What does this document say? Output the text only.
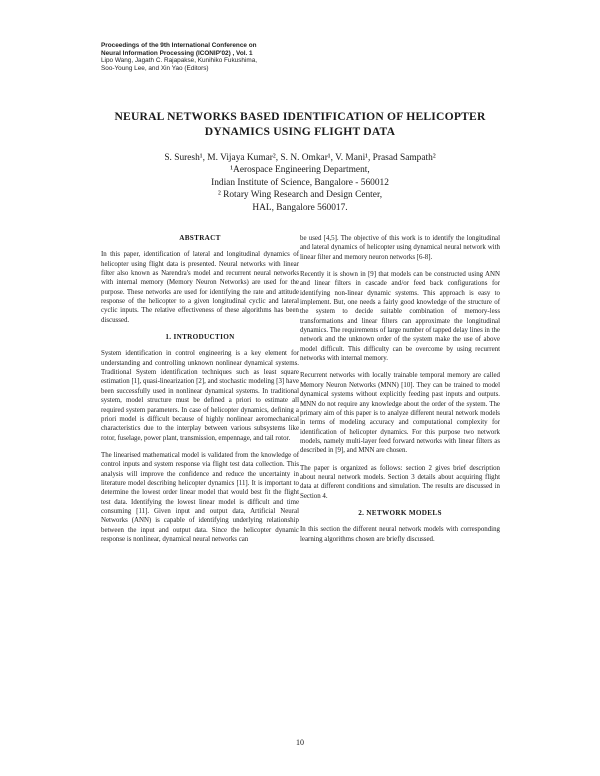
Proceedings of the 9th International Conference on
Neural Information Processing (ICONIP'02) , Vol. 1
Lipo Wang, Jagath C. Rajapakse, Kunihiko Fukushima,
Soo-Young Lee, and Xin Yao (Editors)
NEURAL NETWORKS BASED IDENTIFICATION OF HELICOPTER
DYNAMICS USING FLIGHT DATA
S. Suresh¹, M. Vijaya Kumar², S. N. Omkar¹, V. Mani¹, Prasad Sampath²
¹Aerospace Engineering Department,
Indian Institute of Science, Bangalore - 560012
² Rotary Wing Research and Design Center,
HAL, Bangalore 560017.
ABSTRACT

In this paper, identification of lateral and longitudinal dynamics of helicopter using flight data is presented. Neural networks with linear filter also known as Narendra's model and recurrent neural networks with internal memory (Memory Neuron Networks) are used for the purpose. These networks are used for identifying the rate and attitude response of the helicopter to a given longitudinal cyclic and lateral cyclic inputs. The relative effectiveness of these algorithms has been discussed.

1. INTRODUCTION

System identification in control engineering is a key element for understanding and controlling unknown nonlinear dynamical systems. Traditional System identification techniques such as least square estimation [1], quasi-linearization [2], and stochastic modeling [3] have been successfully used in nonlinear dynamical systems. In traditional system, model structure must be defined a priori to estimate all required system parameters. In case of helicopter dynamics, defining a priori model is difficult because of highly nonlinear aeromechanical characteristics due to the interplay between various subsystems like rotor, fuselage, power plant, transmission, empennage, and tail rotor.

The linearised mathematical model is validated from the knowledge of control inputs and system response via flight test data collection. This analysis will improve the confidence and reduce the uncertainty in literature model describing helicopter dynamics [11]. It is important to determine the lowest order linear model that would best fit the flight test data. Identifying the lowest linear model is difficult and time consuming [11]. Given input and output data, Artificial Neural Networks (ANN) is capable of identifying underlying relationship between the input and output data. Since the helicopter dynamic response is nonlinear, dynamical neural networks can

be used [4,5]. The objective of this work is to identify the longitudinal and lateral dynamics of helicopter using dynamical neural network with linear filter and memory neuron networks [6-8].

Recently it is shown in [9] that models can be constructed using ANN and linear filters in cascade and/or feed back configurations for identifying non-linear dynamic systems. This approach is easy to implement. But, one needs a fairly good knowledge of the structure of the system to decide suitable combination of memory-less transformations and linear filters can approximate the longitudinal dynamics. The requirements of large number of tapped delay lines in the network and the unknown order of the system make the use of above model difficult. This difficulty can be overcome by using recurrent networks with internal memory.

Recurrent networks with locally trainable temporal memory are called Memory Neuron Networks (MNN) [10]. They can be trained to model dynamical systems without explicitly feeding past inputs and outputs. MNN do not require any knowledge about the order of the system. The primary aim of this paper is to analyze different neural network models in terms of modeling accuracy and computational complexity for identification of helicopter dynamics. For this purpose two network models, namely multi-layer feed forward networks with linear filters as described in [9], and MNN are chosen.

The paper is organized as follows: section 2 gives brief description about neural network models. Section 3 details about acquiring flight data at different conditions and simulation. The results are discussed in Section 4.

2. NETWORK MODELS

In this section the different neural network models with corresponding learning algorithms chosen are briefly discussed.

10
